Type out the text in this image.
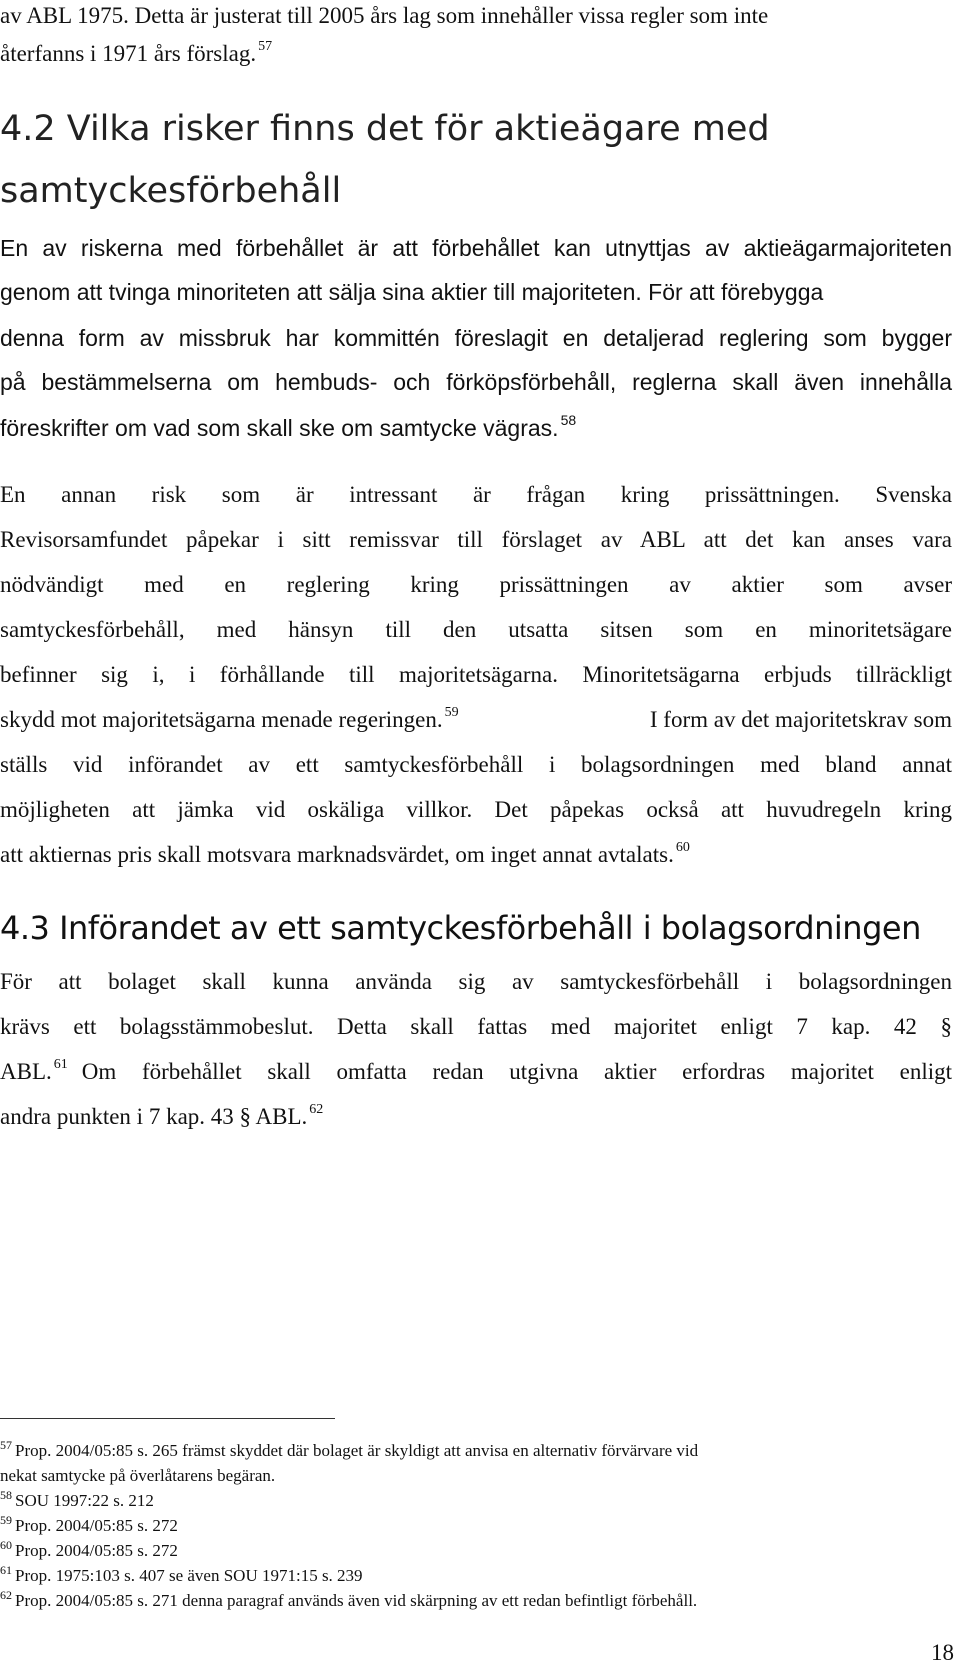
av ABL 1975. Detta är justerat till 2005 års lag som innehåller vissa regler som inte
återfanns i 1971 års förslag. $^{57}$
4.2 Vilka risker finns det för aktieägare med
samtyckesförbehåll
En av riskerna med förbehållet är att förbehållet kan utnyttjas av aktieägarmajoriteten
genom att tvinga minoriteten att sälja sina aktier till majoriteten. För att förebygga
denna form av missbruk har kommittén föreslagit en detaljerad reglering som bygger
på bestämmelserna om hembuds- och förköpsförbehåll, reglerna skall även innehålla
föreskrifter om vad som skall ske om samtycke vägras. $^{58}$
En annan risk som är intressant är frågan kring prissättningen. Svenska
Revisorsamfundet påpekar i sitt remissvar till förslaget av ABL att det kan anses vara
nödvändigt med en reglering kring prissättningen av aktier som avser
samtyckesförbehåll, med hänsyn till den utsatta sitsen som en minoritetsägare
befinner sig i, i förhållande till majoritetsägarna. Minoritetsägarna erbjuds tillräckligt
skydd mot majoritetsägarna menade regeringen. $^{59}$	I form av det majoritetskrav som
ställs vid införandet av ett samtyckesförbehåll i bolagsordningen med bland annat
möjligheten att jämka vid oskäliga villkor. Det påpekas också att huvudregeln kring
att aktiernas pris skall motsvara marknadsvärdet, om inget annat avtalats. $^{60}$
4.3 Införandet av ett samtyckesförbehåll i bolagsordningen
För att bolaget skall kunna använda sig av samtyckesförbehåll i bolagsordningen
krävs ett bolagsstämmobeslut. Detta skall fattas med majoritet enligt 7 kap. 42 §
ABL. $^{61}$ Om förbehållet skall omfatta redan utgivna aktier erfordras majoritet enligt
andra punkten i 7 kap. 43 § ABL. $^{62}$
$^{57}$ Prop. 2004/05:85 s. 265 främst skyddet där bolaget är skyldigt att anvisa en alternativ förvärvare vid
nekat samtycke på överlåtarens begäran.
$^{58}$ SOU 1997:22 s. 212
$^{59}$ Prop. 2004/05:85 s. 272
$^{60}$ Prop. 2004/05:85 s. 272
$^{61}$ Prop. 1975:103 s. 407 se även SOU 1971:15 s. 239
$^{62}$ Prop. 2004/05:85 s. 271 denna paragraf används även vid skärpning av ett redan befintligt förbehåll.
18
